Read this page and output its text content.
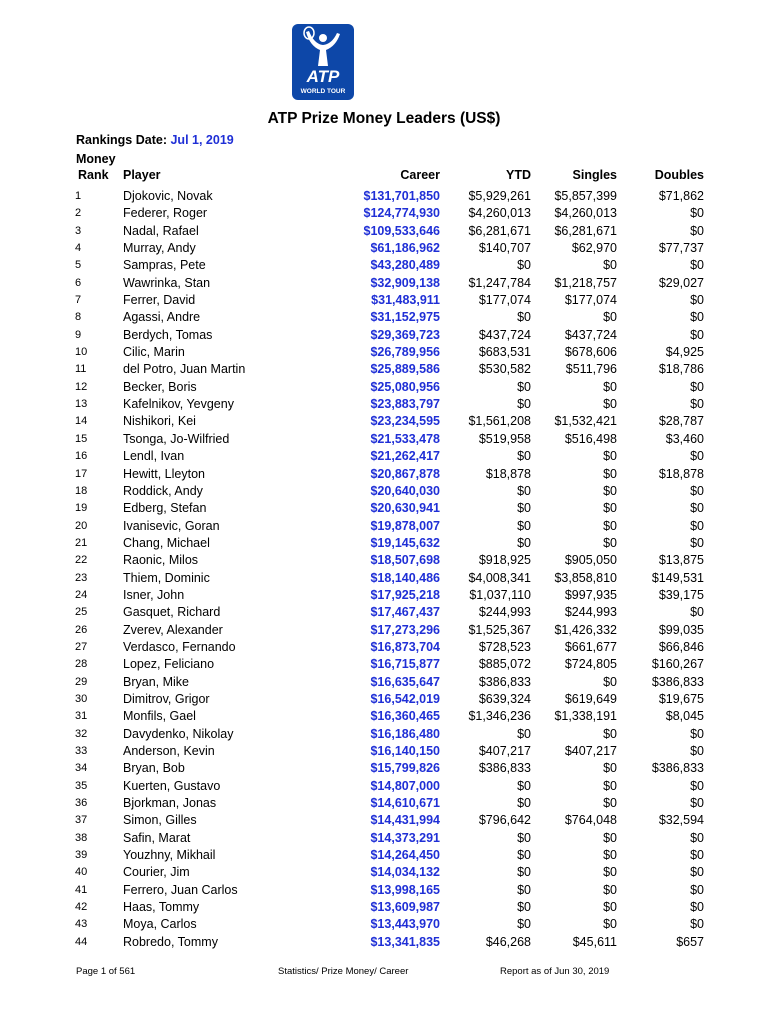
ATP
WORLD TOUR
ATP Prize Money Leaders (US$)
Rankings Date: Jul 1, 2019
Money
Rank Player	Career	YTD	Singles	Doubles
1	Djokovic, Novak	$131,701,850 $5,929,261 $5,857,399	$71,862
2	Federer, Roger	$124,774,930 $4,260,013 $4,260,013	$0
3	Nadal, Rafael	$109,533,646 $6,281,671 $6,281,671	$0
4	Murray, Andy	$61,186,962	$140,707	$62,970	$77,737
5	Sampras, Pete	$43,280,489	$0	$0	$0
6	Wawrinka, Stan	$32,909,138 $1,247,784 $1,218,757	$29,027
7	Ferrer, David	$31,483,911	$177,074	$177,074	$0
8	Agassi, Andre	$31,152,975	$0	$0	$0
9	Berdych, Tomas	$29,369,723	$437,724	$437,724	$0
10	Cilic, Marin	$26,789,956	$683,531	$678,606	$4,925
11	del Potro, Juan Martin	$25,889,586	$530,582	$511,796	$18,786
12	Becker, Boris	$25,080,956	$0	$0	$0
13	Kafelnikov, Yevgeny	$23,883,797	$0	$0	$0
14	Nishikori, Kei	$23,234,595 $1,561,208 $1,532,421	$28,787
15	Tsonga, Jo-Wilfried	$21,533,478	$519,958	$516,498	$3,460
16	Lendl, Ivan	$21,262,417	$0	$0	$0
17	Hewitt, Lleyton	$20,867,878	$18,878	$0	$18,878
18	Roddick, Andy	$20,640,030	$0	$0	$0
19	Edberg, Stefan	$20,630,941	$0	$0	$0
20	Ivanisevic, Goran	$19,878,007	$0	$0	$0
21	Chang, Michael	$19,145,632	$0	$0	$0
22	Raonic, Milos	$18,507,698	$918,925	$905,050	$13,875
23	Thiem, Dominic	$18,140,486 $4,008,341 $3,858,810	$149,531
24	Isner, John	$17,925,218 $1,037,110	$997,935	$39,175
25	Gasquet, Richard	$17,467,437	$244,993	$244,993	$0
26	Zverev, Alexander	$17,273,296 $1,525,367 $1,426,332	$99,035
27	Verdasco, Fernando	$16,873,704	$728,523	$661,677	$66,846
28	Lopez, Feliciano	$16,715,877	$885,072	$724,805	$160,267
29	Bryan, Mike	$16,635,647	$386,833	$0	$386,833
30	Dimitrov, Grigor	$16,542,019	$639,324	$619,649	$19,675
31	Monfils, Gael	$16,360,465 $1,346,236 $1,338,191	$8,045
32	Davydenko, Nikolay	$16,186,480	$0	$0	$0
33	Anderson, Kevin	$16,140,150	$407,217	$407,217	$0
34	Bryan, Bob	$15,799,826	$386,833	$0	$386,833
35	Kuerten, Gustavo	$14,807,000	$0	$0	$0
36	Bjorkman, Jonas	$14,610,671	$0	$0	$0
37	Simon, Gilles	$14,431,994	$796,642	$764,048	$32,594
38	Safin, Marat	$14,373,291	$0	$0	$0
39	Youzhny, Mikhail	$14,264,450	$0	$0	$0
40	Courier, Jim	$14,034,132	$0	$0	$0
41	Ferrero, Juan Carlos	$13,998,165	$0	$0	$0
42	Haas, Tommy	$13,609,987	$0	$0	$0
43	Moya, Carlos	$13,443,970	$0	$0	$0
44	Robredo, Tommy	$13,341,835	$46,268	$45,611	$657
Page 1 of 561	Statistics/ Prize Money/ Career	Report as of Jun 30, 2019
